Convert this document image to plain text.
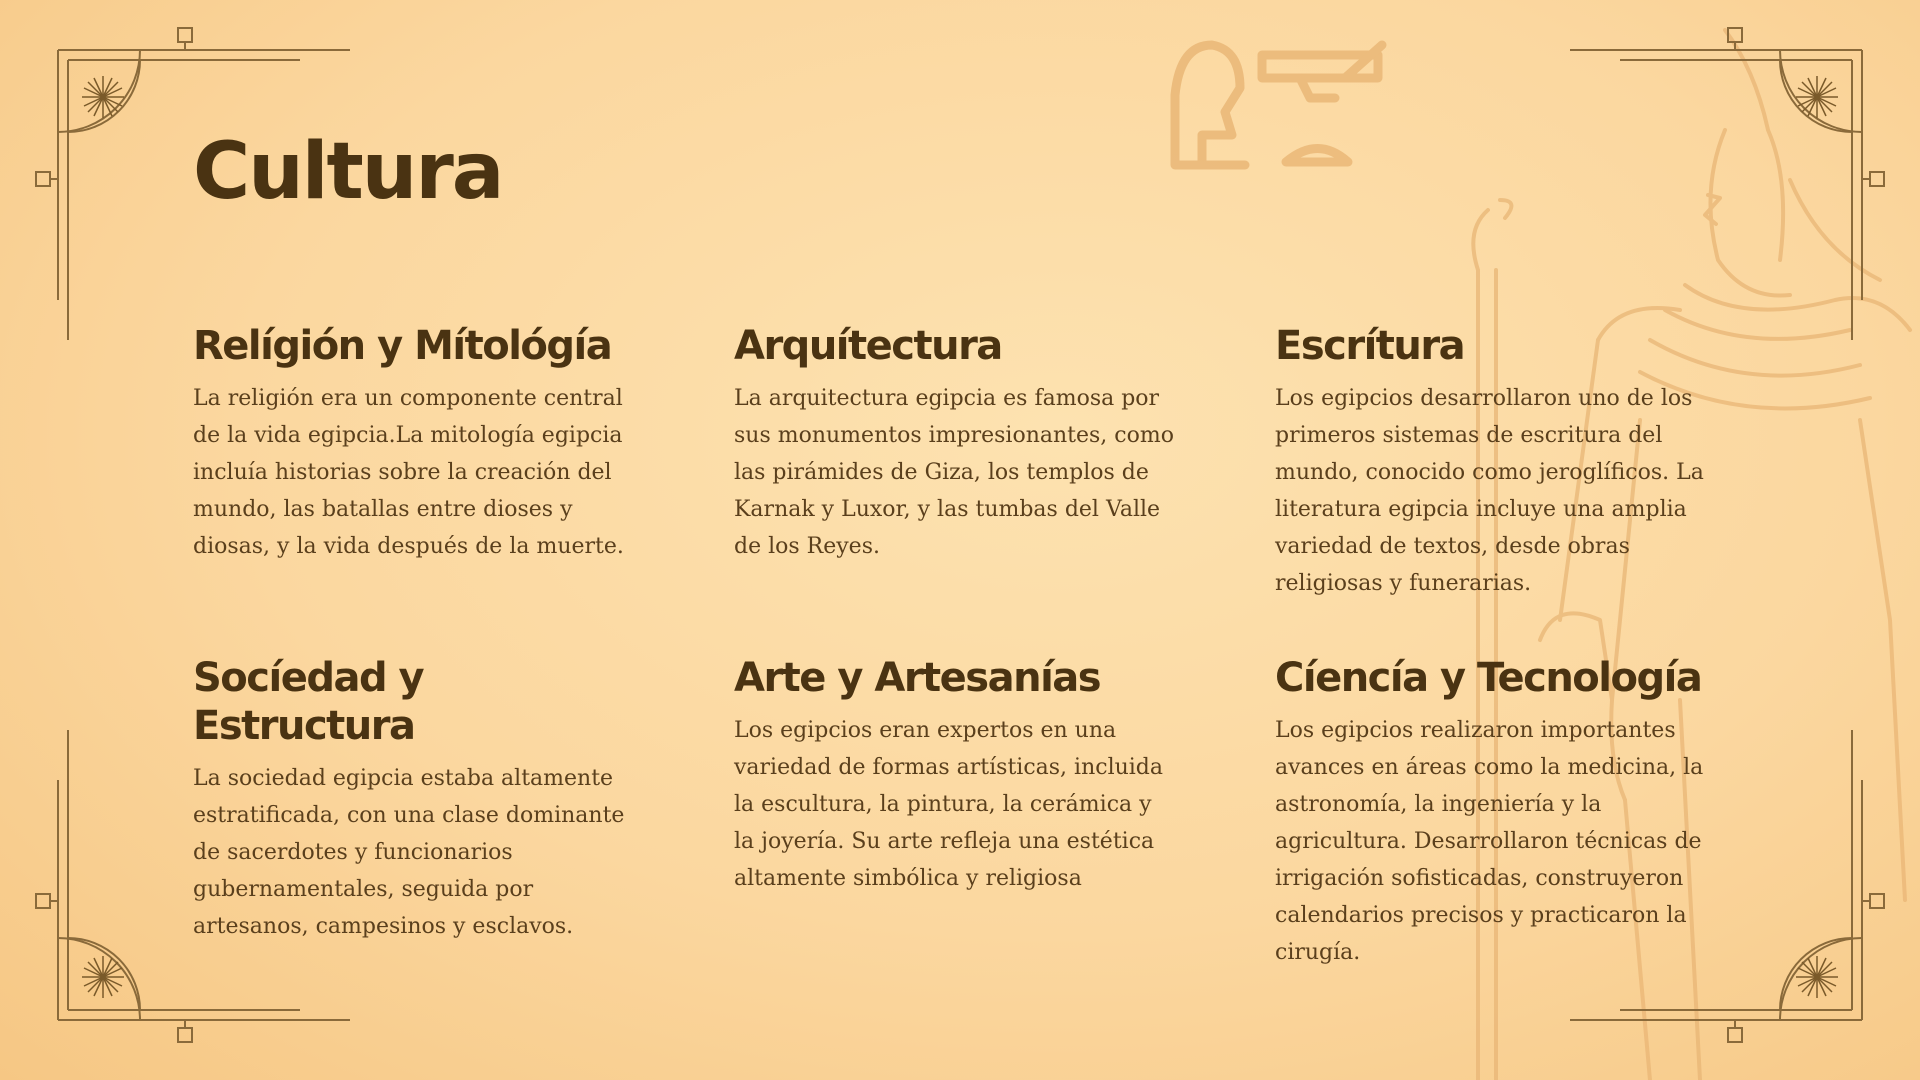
Cultura
Relígión y Mítológía

La religión era un componente central de la vida egipcia.La mitología egipcia incluía historias sobre la creación del mundo, las batallas entre dioses y diosas, y la vida después de la muerte.

Arquítectura

La arquitectura egipcia es famosa por sus monumentos impresionantes, como las pirámides de Giza, los templos de Karnak y Luxor, y las tumbas del Valle de los Reyes.

Escrítura

Los egipcios desarrollaron uno de los primeros sistemas de escritura del mundo, conocido como jeroglíficos. La literatura egipcia incluye una amplia variedad de textos, desde obras religiosas y funerarias.

Socíedad y Estructura

La sociedad egipcia estaba altamente estratificada, con una clase dominante de sacerdotes y funcionarios gubernamentales, seguida por artesanos, campesinos y esclavos.

Arte y Artesanías

Los egipcios eran expertos en una variedad de formas artísticas, incluida la escultura, la pintura, la cerámica y la joyería. Su arte refleja una estética altamente simbólica y religiosa

Cíencía y Tecnología

Los egipcios realizaron importantes avances en áreas como la medicina, la astronomía, la ingeniería y la agricultura. Desarrollaron técnicas de irrigación sofisticadas, construyeron calendarios precisos y practicaron la cirugía.
